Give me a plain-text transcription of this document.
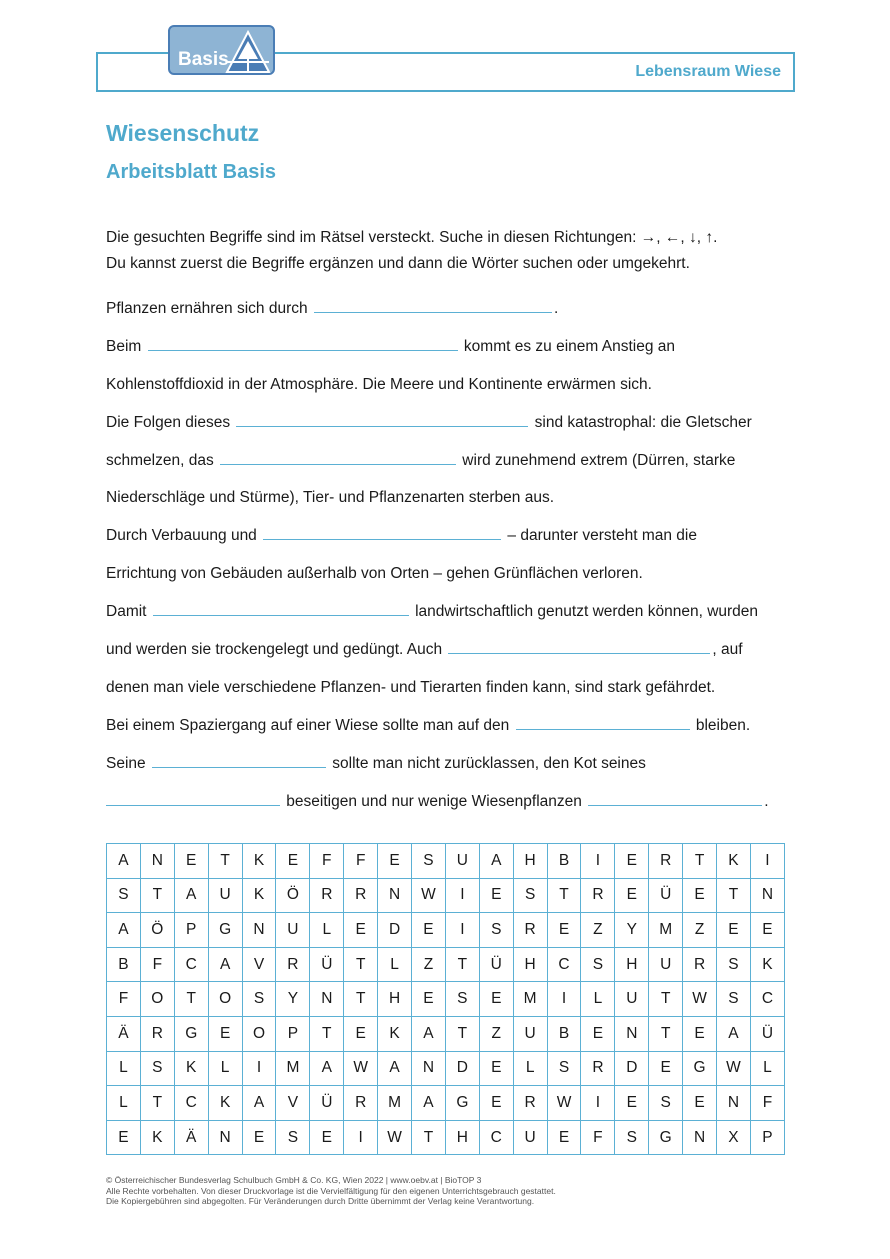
Lebensraum Wiese
Basis
Wiesenschutz
Arbeitsblatt Basis

Die gesuchten Begriffe sind im Rätsel versteckt. Suche in diesen Richtungen: →, ←, ↓, ↑.

Du kannst zuerst die Begriffe ergänzen und dann die Wörter suchen oder umgekehrt.

Pflanzen ernähren sich durch	.
Beim	kommt es zu einem Anstieg an
Kohlenstoffdioxid in der Atmosphäre. Die Meere und Kontinente erwärmen sich.
Die Folgen dieses	sind katastrophal: die Gletscher
schmelzen, das	wird zunehmend extrem (Dürren, starke
Niederschläge und Stürme), Tier- und Pflanzenarten sterben aus.
Durch Verbauung und	– darunter versteht man die
Errichtung von Gebäuden außerhalb von Orten – gehen Grünflächen verloren.
Damit	landwirtschaftlich genutzt werden können, wurden
und werden sie trockengelegt und gedüngt. Auch	, auf
denen man viele verschiedene Pflanzen- und Tierarten finden kann, sind stark gefährdet.
Bei einem Spaziergang auf einer Wiese sollte man auf den	bleiben.
Seine	sollte man nicht zurücklassen, den Kot seines
beseitigen und nur wenige Wiesenpflanzen	.
A	N	E	T	K	E	F	F	E	S	U	A	H	B	I	E	R	T	K	I
S	T	A	U	K	Ö	R	R	N	W	I	E	S	T	R	E	Ü	E	T	N
A	Ö	P	G	N	U	L	E	D	E	I	S	R	E	Z	Y	M	Z	E	E
B	F	C	A	V	R	Ü	T	L	Z	T	Ü	H	C	S	H	U	R	S	K
F	O	T	O	S	Y	N	T	H	E	S	E	M	I	L	U	T	W	S	C
Ä	R	G	E	O	P	T	E	K	A	T	Z	U	B	E	N	T	E	A	Ü
L	S	K	L	I	M	A	W	A	N	D	E	L	S	R	D	E	G	W	L
L	T	C	K	A	V	Ü	R	M	A	G	E	R	W	I	E	S	E	N	F
E	K	Ä	N	E	S	E	I	W	T	H	C	U	E	F	S	G	N	X	P

© Österreichischer Bundesverlag Schulbuch GmbH & Co. KG, Wien 2022 | www.oebv.at | BioTOP 3

Alle Rechte vorbehalten. Von dieser Druckvorlage ist die Vervielfältigung für den eigenen Unterrichtsgebrauch gestattet.

Die Kopiergebühren sind abgegolten. Für Veränderungen durch Dritte übernimmt der Verlag keine Verantwortung.
